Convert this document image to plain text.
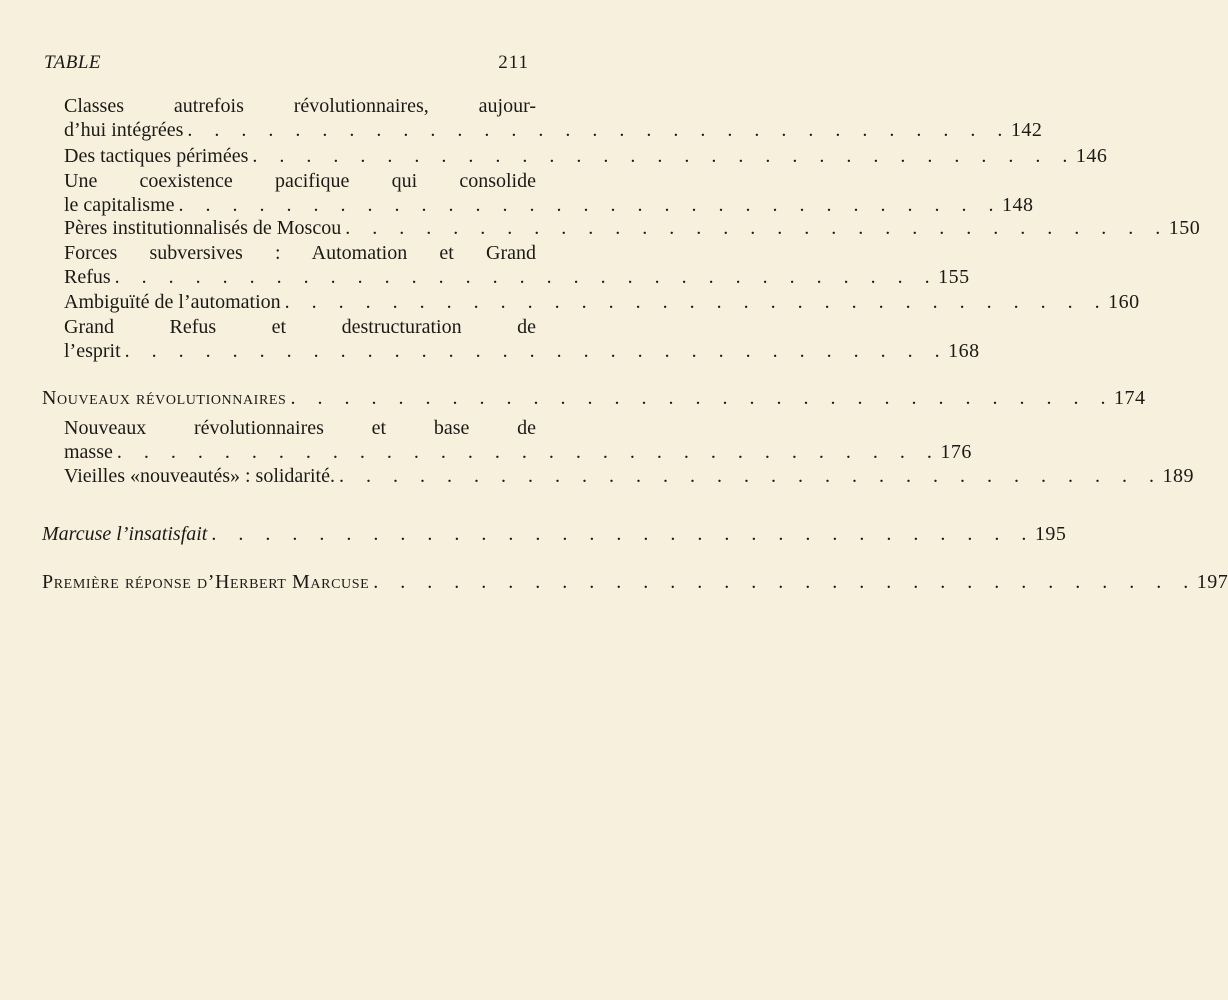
TABLE	211
Classes autrefois révolutionnaires, aujour-
d’hui intégrées . . . . . . . . . . . . . . . . . . . . . . . . . . . . . . . 142
Des tactiques périmées . . . . . . . . . . . . . . . . . . . . . . . . . . . . . . . 146
Une coexistence pacifique qui consolide
le capitalisme . . . . . . . . . . . . . . . . . . . . . . . . . . . . . . . 148
Pères institutionnalisés de Moscou . . . . . . . . . . . . . . . . . . . . . . . . . . . . . . . 150
Forces subversives : Automation et Grand
Refus . . . . . . . . . . . . . . . . . . . . . . . . . . . . . . . 155
Ambiguïté de l’automation . . . . . . . . . . . . . . . . . . . . . . . . . . . . . . . 160
Grand Refus et destructuration de
l’esprit . . . . . . . . . . . . . . . . . . . . . . . . . . . . . . . 168
Nouveaux révolutionnaires . . . . . . . . . . . . . . . . . . . . . . . . . . . . . . . 174
Nouveaux révolutionnaires et base de
masse . . . . . . . . . . . . . . . . . . . . . . . . . . . . . . . 176
Vieilles «nouveautés» : solidarité. . . . . . . . . . . . . . . . . . . . . . . . . . . . . . . . 189
Marcuse l’insatisfait . . . . . . . . . . . . . . . . . . . . . . . . . . . . . . . 195
Première réponse d’Herbert Marcuse . . . . . . . . . . . . . . . . . . . . . . . . . . . . . . . 197
